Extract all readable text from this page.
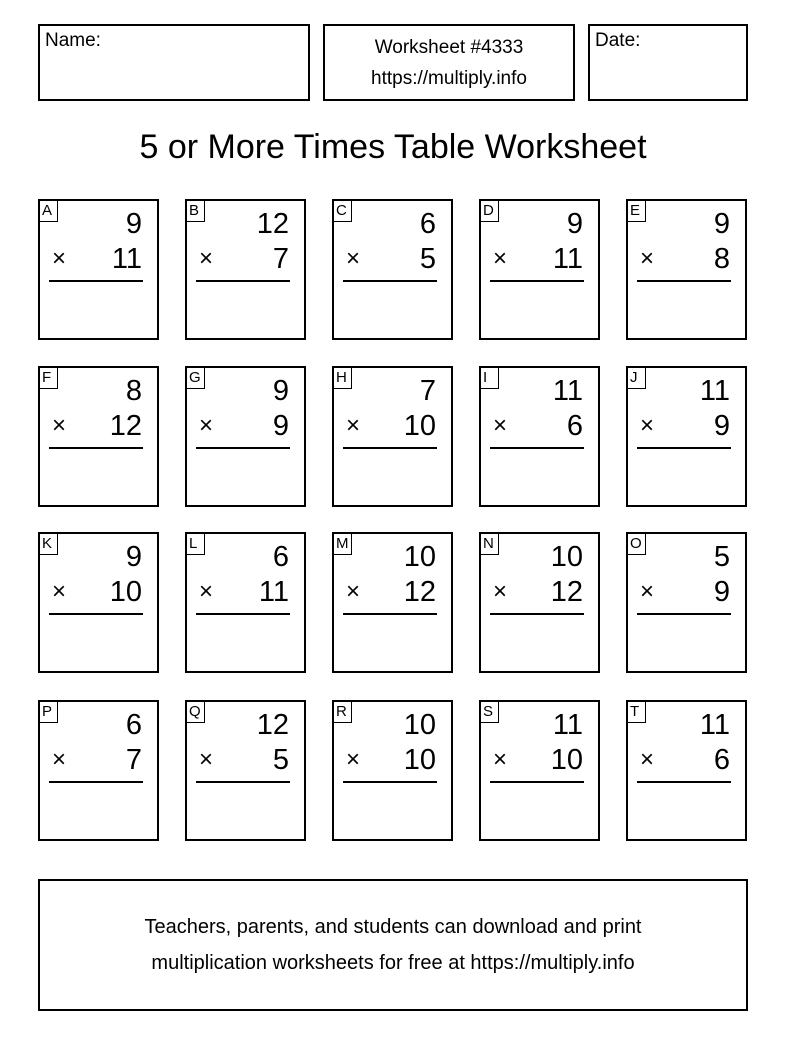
Name:	Worksheet #4333
https://multiply.info
Date:
5 or More Times Table Worksheet
A	9
× 11
B 12
× 7
C	6
× 5
D	9
× 11
E	9
× 8
F	8
× 12
G 9
× 9
H	7
× 10
I	11
× 6
J 11
× 9
K	9
× 10
L	6
× 11
M 10
× 12
N 10
× 12
O 5
× 9
P	6
× 7
Q 12
× 5
R 10
× 10
S 11
× 10
T 11
× 6
Teachers, parents, and students can download and print
multiplication worksheets for free at https://multiply.info
